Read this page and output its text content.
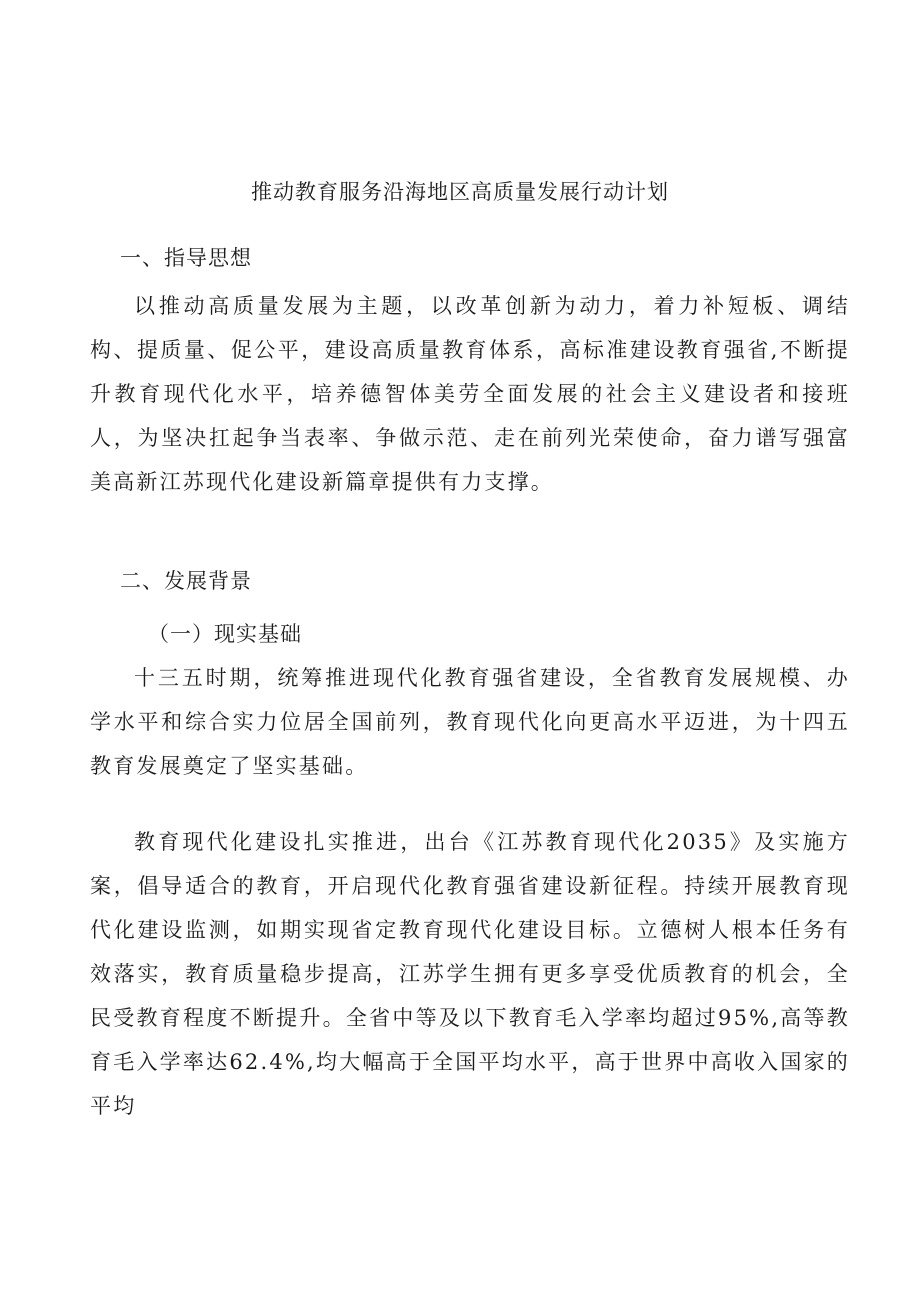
推动教育服务沿海地区高质量发展行动计划
一、指导思想

以推动高质量发展为主题，以改革创新为动力，着力补短板、调结构、提质量、促公平，建设高质量教育体系，高标准建设教育强省,不断提升教育现代化水平，培养德智体美劳全面发展的社会主义建设者和接班人，为坚决扛起争当表率、争做示范、走在前列光荣使命，奋力谱写强富美高新江苏现代化建设新篇章提供有力支撑。

二、发展背景
（一）现实基础

十三五时期，统筹推进现代化教育强省建设，全省教育发展规模、办学水平和综合实力位居全国前列，教育现代化向更高水平迈进，为十四五教育发展奠定了坚实基础。

教育现代化建设扎实推进，出台《江苏教育现代化2035》及实施方案，倡导适合的教育，开启现代化教育强省建设新征程。持续开展教育现代化建设监测，如期实现省定教育现代化建设目标。立德树人根本任务有效落实，教育质量稳步提高，江苏学生拥有更多享受优质教育的机会，全民受教育程度不断提升。全省中等及以下教育毛入学率均超过95%,高等教育毛入学率达62.4%,均大幅高于全国平均水平，高于世界中高收入国家的平均
